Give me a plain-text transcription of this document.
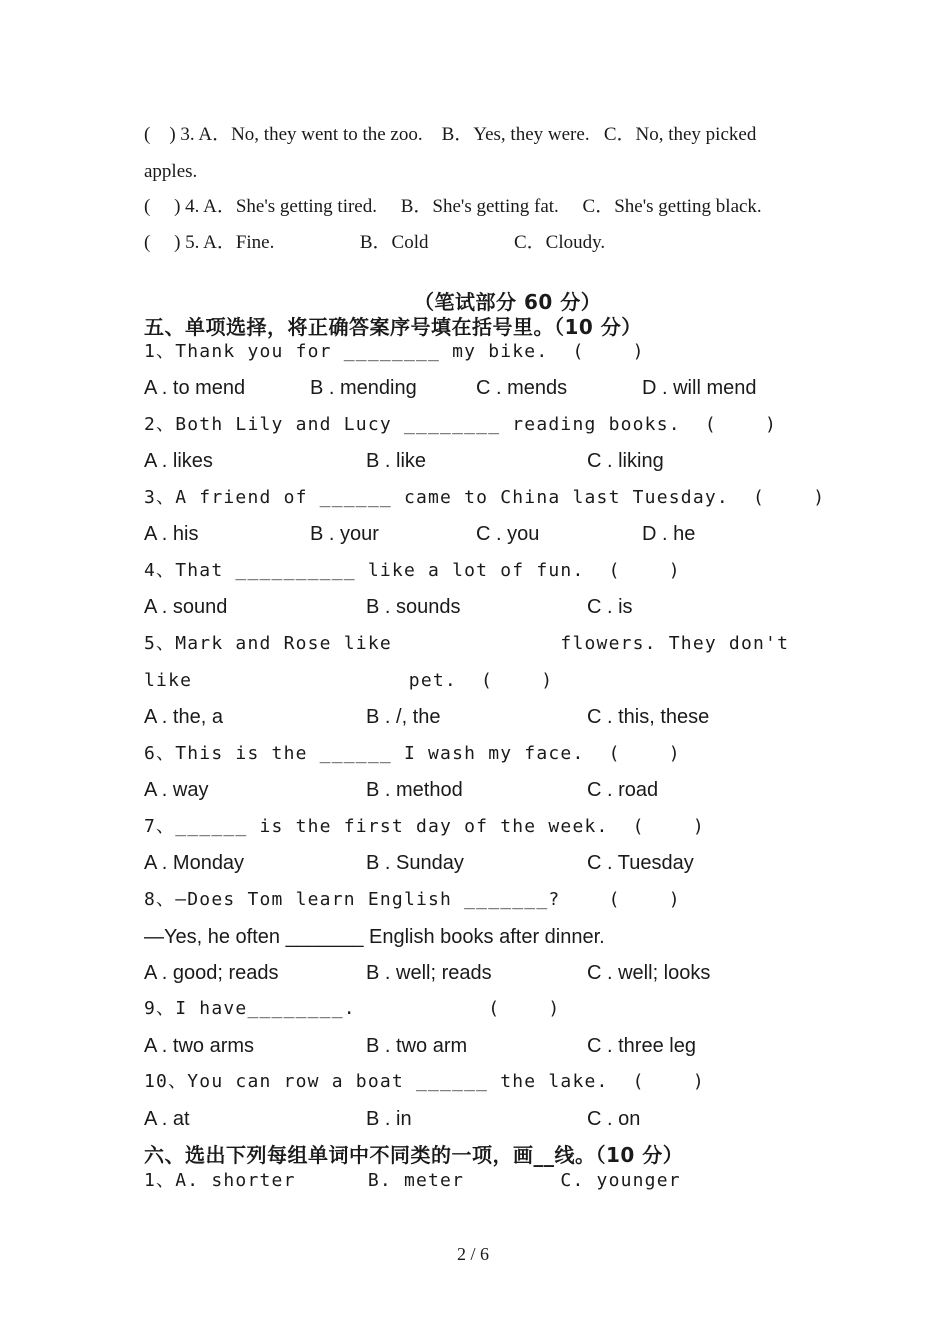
(    ) 3. A．No, they went to the zoo.    B．Yes, they were.   C．No, they picked
apples.
(     ) 4. A．She's getting tired.     B．She's getting fat.     C．She's getting black.
(     ) 5. A．Fine.                  B．Cold                  C．Cloudy.
（笔试部分 60 分）
五、单项选择，将正确答案序号填在括号里。（10 分）
1、Thank you for ________ my bike.  (    )
A . to mend	B . mending	C . mends	D . will mend
2、Both Lily and Lucy ________ reading books.  (    )
A . likes	B . like	C . liking
3、A friend of ______ came to China last Tuesday.  (    )
A . his	B . your	C . you	D . he
4、That __________ like a lot of fun.  (    )
A . sound	B . sounds	C . is
5、Mark and Rose like              flowers. They don't
like                  pet.  (    )
A . the, a	B . /, the	C . this, these
6、This is the ______ I wash my face.  (    )
A . way	B . method	C . road
7、______ is the first day of the week.  (    )
A . Monday	B . Sunday	C . Tuesday
8、—Does Tom learn English _______?    (    )
—Yes, he often _______ English books after dinner.
A . good; reads	B . well; reads	C . well; looks
9、I have________.           (    )
A . two arms	B . two arm	C . three leg
10、You can row a boat ______ the lake.  (    )
A . at	B . in	C . on
六、选出下列每组单词中不同类的一项，画__线。（10 分）
1、A. shorter      B. meter        C. younger
2 / 6
